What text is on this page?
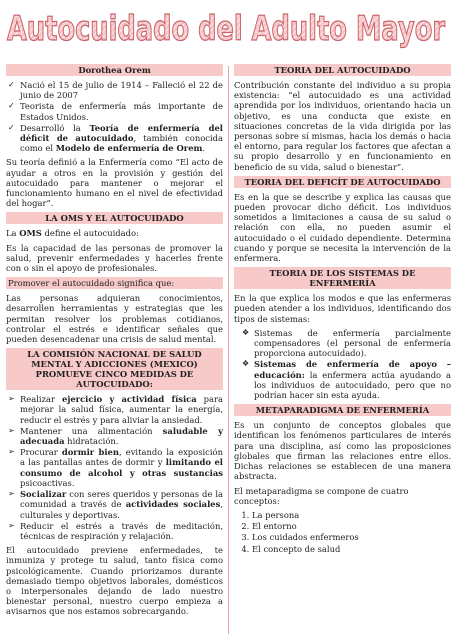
Autocuidado del Adulto Mayor
Dorothea Orem
✓ Nació el 15 de julio de 1914 – Falleció el 22 de junio de 2007
✓ Teorista de enfermería más importante de Estados Unidos.
✓ Desarrolló la Teoría de enfermería del déficit de autocuidado, también conocida como el Modelo de enfermería de Orem.

Su teoría definió a la Enfermería como “El acto de ayudar a otros en la provisión y gestión del autocuidado para mantener o mejorar el funcionamiento humano en el nivel de efectividad del hogar”.

LA OMS Y EL AUTOCUIDADO

La OMS define el autocuidado:

Es la capacidad de las personas de promover la salud, prevenir enfermedades y hacerles frente con o sin el apoyo de profesionales.

Promover el autocuidado significa que:

Las personas adquieran conocimientos, desarrollen herramientas y estrategias que les permitan resolver los problemas cotidianos, controlar el estrés e identificar señales que pueden desencadenar una crisis de salud mental.

LA COMISIÓN NACIONAL DE SALUD MENTAL Y ADICCIONES (MEXICO) PROMUEVE CINCO MEDIDAS DE AUTOCUIDADO:
➢ Realizar ejercicio y actividad física para mejorar la salud física, aumentar la energía, reducir el estrés y para aliviar la ansiedad.
➢ Mantener una alimentación saludable y adecuada hidratación.
➢ Procurar dormir bien, evitando la exposición a las pantallas antes de dormir y limitando el consumo de alcohol y otras sustancias psicoactivas.
➢ Socializar con seres queridos y personas de la comunidad a través de actividades sociales, culturales y deportivas.
➢ Reducir el estrés a través de meditación, técnicas de respiración y relajación.

El autocuidado previene enfermedades, te inmuniza y protege tu salud, tanto física como psicológicamente. Cuando priorizamos durante demasiado tiempo objetivos laborales, domésticos o interpersonales dejando de lado nuestro bienestar personal, nuestro cuerpo empieza a avisarnos que nos estamos sobrecargando.

TEORIA DEL AUTOCUIDADO

Contribución constante del individuo a su propia existencia: “el autocuidado es una actividad aprendida por los individuos, orientando hacia un objetivo, es una conducta que existe en situaciones concretas de la vida dirigida por las personas sobre sí mismas, hacia los demás o hacia el entorno, para regular los factores que afectan a su propio desarrollo y en funcionamiento en beneficio de su vida, salud o bienestar”.

TEORIA DEL DEFICÍT DE AUTOCUIDADO

Es en la que se describe y explica las causas que pueden provocar dicho déficit. Los individuos sometidos a limitaciones a causa de su salud o relación con ella, no pueden asumir el autocuidado o el cuidado dependiente. Determina cuando y porque se necesita la intervención de la enfermera.

TEORIA DE LOS SISTEMAS DE ENFERMERÍA

En la que explica los modos e que las enfermeras pueden atender a los individuos, identificando dos tipos de sistemas:

❖ Sistemas de enfermería parcialmente compensadores (el personal de enfermería proporciona autocuidado).
❖ Sistemas de enfermería de apoyo – educación: la enfermera actúa ayudando a los individuos de autocuidado, pero que no podrían hacer sin esta ayuda.
METAPARADIGMA DE ENFERMERÍA

Es un conjunto de conceptos globales que identifican los fenómenos particulares de interés para una disciplina, así como las proposiciones globales que firman las relaciones entre ellos. Dichas relaciones se establecen de una manera abstracta.

El metaparadigma se compone de cuatro conceptos:

1. La persona
2. El entorno
3. Los cuidados enfermeros
4. El concepto de salud
